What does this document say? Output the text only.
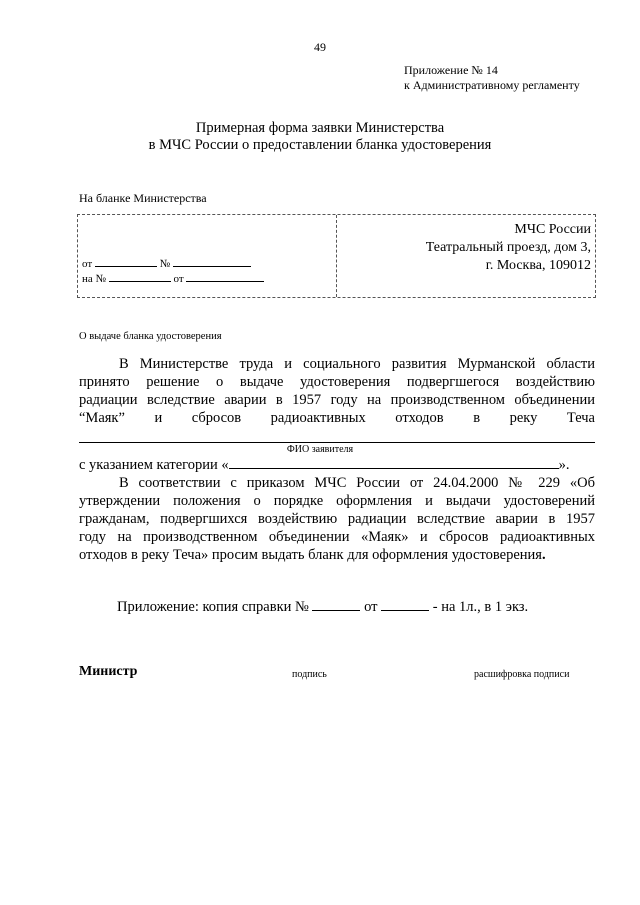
49
Приложение № 14
к Административному регламенту
Примерная форма заявки Министерства
в МЧС России о предоставлении бланка удостоверения
На бланке Министерства
от	№
на №	от
МЧС России
Театральный проезд, дом 3,
г. Москва, 109012
О выдаче бланка удостоверения
В Министерстве труда и социального развития Мурманской области
принято решение о выдаче удостоверения подвергшегося воздействию
радиации вследствие аварии в 1957 году на производственном объединении
“Маяк” и сбросов радиоактивных отходов в реку Теча
ФИО заявителя
с указанием категории «	».
В соответствии с приказом МЧС России от 24.04.2000 № 229 «Об
утверждении положения о порядке оформления и выдачи удостоверений
гражданам, подвергшихся воздействию радиации вследствие аварии в 1957
году на производственном объединении «Маяк» и сбросов радиоактивных
отходов в реку Теча» просим выдать бланк для оформления удостоверения.
Приложение: копия справки №	от	- на 1л., в 1 экз.
Министр	подпись	расшифровка подписи
